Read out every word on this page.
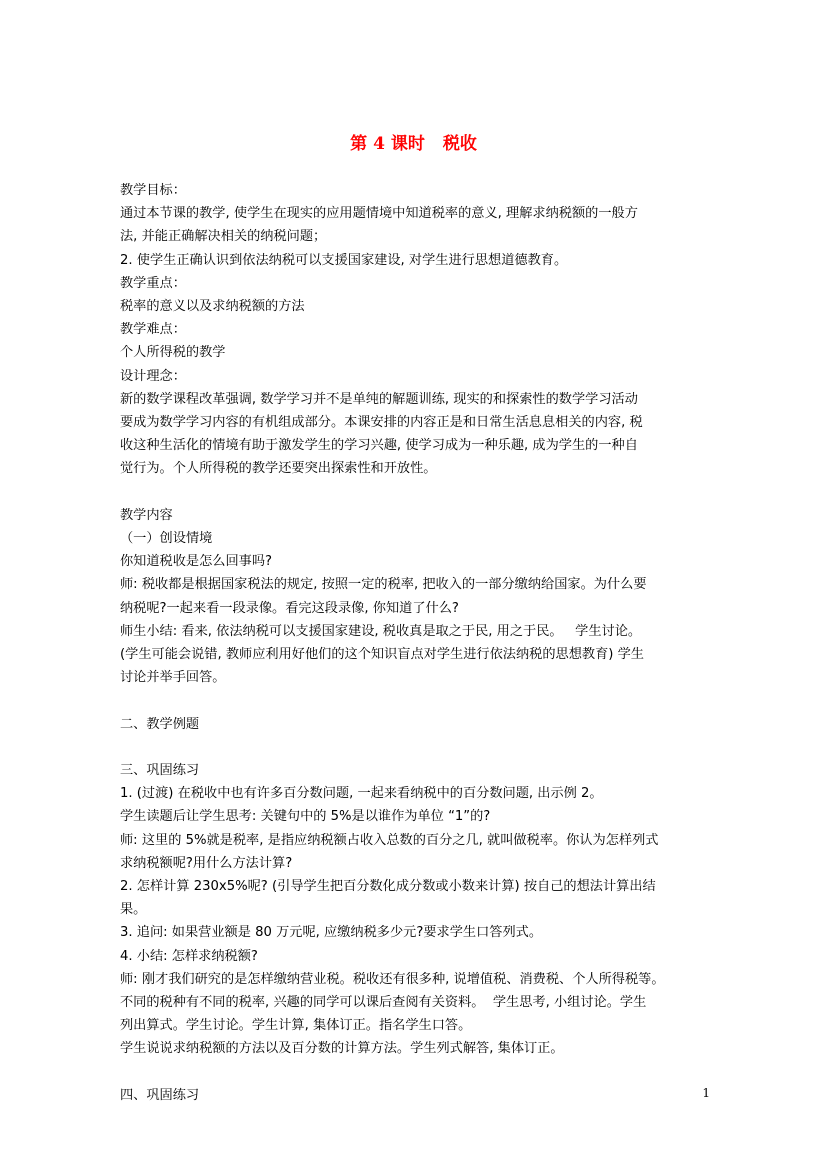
第 4 课时 税收
教学目标：
通过本节课的教学, 使学生在现实的应用题情境中知道税率的意义, 理解求纳税额的一般方
法, 并能正确解决相关的纳税问题；
2. 使学生正确认识到依法纳税可以支援国家建设, 对学生进行思想道德教育。
教学重点：
税率的意义以及求纳税额的方法
教学难点：
个人所得税的教学
设计理念：
新的数学课程改革强调, 数学学习并不是单纯的解题训练, 现实的和探索性的数学学习活动
要成为数学学习内容的有机组成部分。本课安排的内容正是和日常生活息息相关的内容, 税
收这种生活化的情境有助于激发学生的学习兴趣, 使学习成为一种乐趣, 成为学生的一种自
觉行为。个人所得税的教学还要突出探索性和开放性。
教学内容
（一）创设情境
你知道税收是怎么回事吗?
师: 税收都是根据国家税法的规定, 按照一定的税率, 把收入的一部分缴纳给国家。为什么要
纳税呢?一起来看一段录像。看完这段录像, 你知道了什么?
师生小结: 看来, 依法纳税可以支援国家建设, 税收真是取之于民, 用之于民。   学生讨论。
(学生可能会说错, 教师应利用好他们的这个知识盲点对学生进行依法纳税的思想教育) 学生
讨论并举手回答。
二、教学例题
三、巩固练习
1. (过渡) 在税收中也有许多百分数问题, 一起来看纳税中的百分数问题, 出示例 2。
学生读题后让学生思考: 关键句中的 5%是以谁作为单位 “1”的?
师: 这里的 5%就是税率, 是指应纳税额占收入总数的百分之几, 就叫做税率。你认为怎样列式
求纳税额呢?用什么方法计算?
2. 怎样计算 230x5%呢? (引导学生把百分数化成分数或小数来计算) 按自己的想法计算出结
果。
3. 追问: 如果营业额是 80 万元呢, 应缴纳税多少元?要求学生口答列式。
4. 小结: 怎样求纳税额?
师: 刚才我们研究的是怎样缴纳营业税。税收还有很多种, 说增值税、消费税、个人所得税等。
不同的税种有不同的税率, 兴趣的同学可以课后查阅有关资料。  学生思考, 小组讨论。学生
列出算式。学生讨论。学生计算, 集体订正。指名学生口答。
学生说说求纳税额的方法以及百分数的计算方法。学生列式解答, 集体订正。
四、巩固练习	1
